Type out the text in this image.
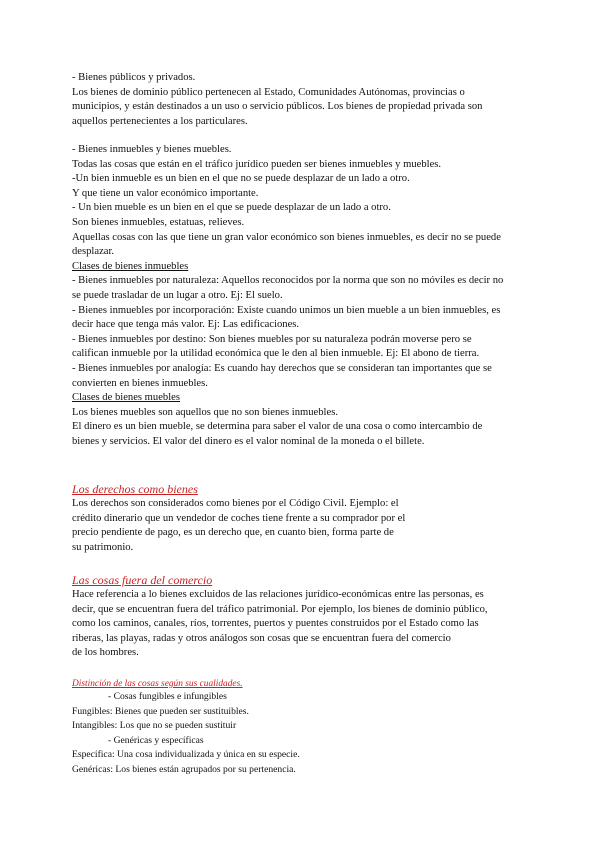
- Bienes públicos y privados.
Los bienes de dominio público pertenecen al Estado, Comunidades Autónomas, provincias o
municipios, y están destinados a un uso o servicio públicos. Los bienes de propiedad privada son
aquellos pertenecientes a los particulares.
- Bienes inmuebles y bienes muebles.
Todas las cosas que están en el tráfico jurídico pueden ser bienes inmuebles y muebles.
-Un bien inmueble es un bien en el que no se puede desplazar de un lado a otro.
Y que tiene un valor económico importante.
- Un bien mueble es un bien en el que se puede desplazar de un lado a otro.
Son bienes inmuebles, estatuas, relieves.
Aquellas cosas con las que tiene un gran valor económico son bienes inmuebles, es decir no se puede
desplazar.
Clases de bienes inmuebles
- Bienes inmuebles por naturaleza: Aquellos reconocidos por la norma que son no móviles es decir no
se puede trasladar de un lugar a otro. Ej: El suelo.
- Bienes inmuebles por incorporación: Existe cuando unimos un bien mueble a un bien inmuebles, es
decir hace que tenga más valor. Ej: Las edificaciones.
- Bienes inmuebles por destino: Son bienes muebles por su naturaleza podrán moverse pero se
califican inmueble por la utilidad económica que le den al bien inmueble. Ej: El abono de tierra.
- Bienes inmuebles por analogía: Es cuando hay derechos que se consideran tan importantes que se
convierten en bienes inmuebles.
Clases de bienes muebles
Los bienes muebles son aquellos que no son bienes inmuebles.
El dinero es un bien mueble, se determina para saber el valor de una cosa o como intercambio de
bienes y servicios. El valor del dinero es el valor nominal de la moneda o el billete.
Los derechos como bienes
Los derechos son considerados como bienes por el Código Civil. Ejemplo: el
crédito dinerario que un vendedor de coches tiene frente a su comprador por el
precio pendiente de pago, es un derecho que, en cuanto bien, forma parte de
su patrimonio.
Las cosas fuera del comercio
Hace referencia a lo bienes excluidos de las relaciones jurídico-económicas entre las personas, es
decir, que se encuentran fuera del tráfico patrimonial. Por ejemplo, los bienes de dominio público,
como los caminos, canales, ríos, torrentes, puertos y puentes construidos por el Estado como las
riberas, las playas, radas y otros análogos son cosas que se encuentran fuera del comercio
de los hombres.
Distinción de las cosas según sus cualidades.
- Cosas fungibles e infungibles
Fungibles: Bienes que pueden ser sustituibles.
Intangibles: Los que no se pueden sustituir
- Genéricas y específicas
Específica: Una cosa individualizada y única en su especie.
Genéricas: Los bienes están agrupados por su pertenencia.
